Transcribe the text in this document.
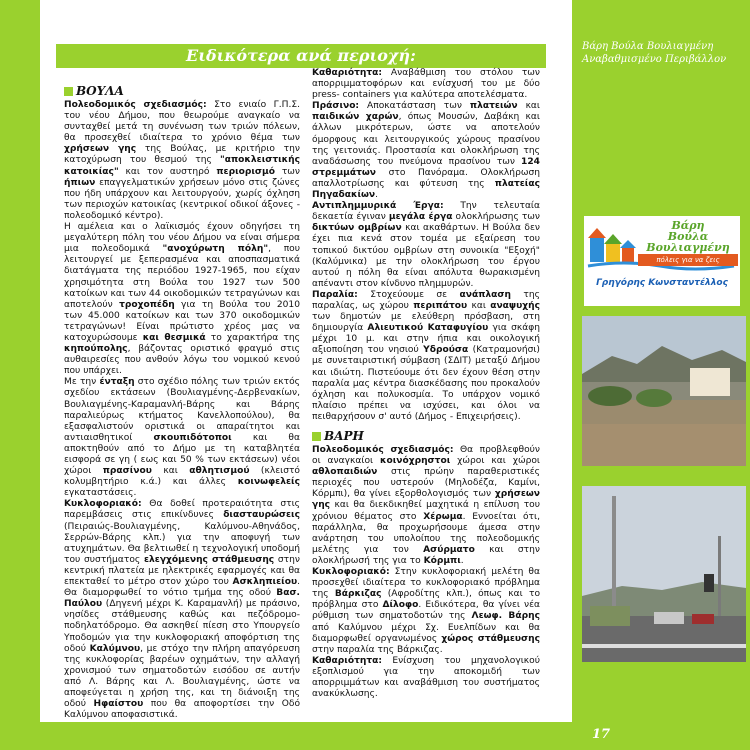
Ειδικότερα ανά περιοχή:	Βάρη Βούλα Βουλιαγμένη
Αναβαθμισμένο Περιβάλλον
ΒΟΥΛΑ

Πολεοδομικός σχεδιασμός: Στο ενιαίο Γ.Π.Σ. του νέου Δήμου, που θεωρούμε αναγκαίο να συνταχθεί μετά τη συνένωση των τριών πόλεων, θα προσεχθεί ιδιαίτερα το χρόνιο θέμα των χρήσεων γης της Βούλας, με κριτήριο την κατοχύρωση του θεσμού της "αποκλειστικής κατοικίας" και τον αυστηρό περιορισμό των ήπιων επαγγελματικών χρήσεων μόνο στις ζώνες που ήδη υπάρχουν και λειτουργούν, χωρίς όχληση των περιοχών κατοικίας (κεντρικοί οδικοί άξονες - πολεοδομικό κέντρο).

Η αμέλεια και ο λαϊκισμός έχουν οδηγήσει τη μεγαλύτερη πόλη του νέου Δήμου να είναι σήμερα μια πολεοδομικά "ανοχύρωτη πόλη", που λειτουργεί με ξεπερασμένα και αποσπασματικά διατάγματα της περιόδου 1927-1965, που είχαν χρησιμότητα στη Βούλα του 1927 των 500 κατοίκων και των 44 οικοδομικών τετραγώνων και αποτελούν τροχοπέδη για τη Βούλα του 2010 των 45.000 κατοίκων και των 370 οικοδομικών τετραγώνων! Είναι πρώτιστο χρέος μας να κατοχυρώσουμε και θεσμικά το χαρακτήρα της κηπούπολης, βάζοντας οριστικό φραγμό στις αυθαιρεσίες που ανθούν λόγω του νομικού κενού που υπάρχει.

Με την ένταξη στο σχέδιο πόλης των τριών εκτός σχεδίου εκτάσεων (Βουλιαγμένης-Δερβενακίων, Βουλιαγμένης-Καραμανλή-Βάρης και Βάρης παραλιεύρως κτήματος Κανελλοπούλου), θα εξασφαλιστούν οριστικά οι απαραίτητοι και αντιαισθητικοί σκουπιδότοποι και θα αποκτηθούν από το Δήμο με τη καταβλητέα εισφορά σε γη ( εως και 50 % των εκτάσεων) νέοι χώροι πρασίνου και αθλητισμού (κλειστό κολυμβητήριο κ.ά.) και άλλες κοινωφελείς εγκαταστάσεις.

Κυκλοφοριακό: Θα δοθεί προτεραιότητα στις παρεμβάσεις στις επικίνδυνες διασταυρώσεις (Πειραιώς-Βουλιαγμένης, Καλύμνου-Αθηνάδος, Σερρών-Βάρης κλπ.) για την αποφυγή των ατυχημάτων. Θα βελτιωθεί η τεχνολογική υποδομή του συστήματος ελεγχόμενης στάθμευσης στην κεντρική πλατεία με ηλεκτρικές εφαρμογές και θα επεκταθεί το μέτρο στον χώρο του Ασκληπιείου. Θα διαμορφωθεί το νότιο τμήμα της οδού Βασ. Παύλου (Δηγενή μέχρι Κ. Καραμανλή) με πράσινο, νησίδες στάθμευσης καθώς και πεζόδρομο-ποδηλατόδρομο. Θα ασκηθεί πίεση στο Υπουργείο Υποδομών για την κυκλοφοριακή αποφόρτιση της οδού Καλύμνου, με στόχο την πλήρη απαγόρευση της κυκλοφορίας βαρέων οχημάτων, την αλλαγή χρονισμού των σηματοδοτών εισόδου σε αυτήν από Λ. Βάρης και Λ. Βουλιαγμένης, ώστε να αποφεύγεται η χρήση της, και τη διάνοιξη της οδού Ηφαίστου που θα αποφορτίσει την Οδό Καλύμνου αποφασιστικά.

Καθαριότητα: Αναβάθμιση του στόλου των απορριμματοφόρων και ενίσχυσή του με δύο press- containers για καλύτερα αποτελέσματα.

Πράσινο: Αποκατάσταση των πλατειών και παιδικών χαρών, όπως Μουσών, Δαβάκη και άλλων μικρότερων, ώστε να αποτελούν όμορφους και λειτουργικούς χώρους πρασίνου της γειτονιάς. Προστασία και ολοκλήρωση της αναδάσωσης του πνεύμονα πρασίνου των 124 στρεμμάτων στο Πανόραμα. Ολοκλήρωση απαλλοτρίωσης και φύτευση της πλατείας Πηγαδακίων.

Αντιπλημμυρικά Έργα: Την τελευταία δεκαετία έγιναν μεγάλα έργα ολοκλήρωσης των δικτύων ομβρίων και ακαθάρτων. Η Βούλα δεν έχει πια κενά στον τομέα με εξαίρεση του τοπικού δικτύου ομβρίων στη συνοικία "Εξοχή" (Καλύμνικα) με την ολοκλήρωση του έργου αυτού η πόλη θα είναι απόλυτα θωρακισμένη απέναντι στον κίνδυνο πλημμυρών.

Παραλία: Στοχεύουμε σε ανάπλαση της παραλίας, ως χώρου περιπάτου και αναψυχής των δημοτών με ελεύθερη πρόσβαση, στη δημιουργία Αλιευτικού Καταφυγίου για σκάφη μέχρι 10 μ. και στην ήπια και οικολογική αξιοποίηση του νησιού Υδρούσα (Κατραμονήσι) με συνεταιριστική σύμβαση (ΣΔΙΤ) μεταξύ Δήμου και ιδιώτη. Πιστεύουμε ότι δεν έχουν θέση στην παραλία μας κέντρα διασκέδασης που προκαλούν όχληση και πολυκοσμία. Το υπάρχον νομικό πλαίσιο πρέπει να ισχύσει, και όλοι να πειθαρχήσουν σ' αυτό (Δήμος - Επιχειρήσεις).

ΒΑΡΗ

Πολεοδομικός σχεδιασμός: Θα προβλεφθούν οι αναγκαίοι κοινόχρηστοι χώροι και χώροι αθλοπαιδιών στις πρώην παραθεριστικές περιοχές που υστερούν (Μηλοδέζα, Καμίνι, Κόρμπι), θα γίνει εξορθολογισμός των χρήσεων γης και θα διεκδικηθεί μαχητικά η επίλυση του χρόνιου θέματος στο Χέρωμα. Εννοείται ότι, παράλληλα, θα προχωρήσουμε άμεσα στην ανάρτηση του υπολοίπου της πολεοδομικής μελέτης για τον Ασύρματο και στην ολοκλήρωσή της για το Κόρμπι.

Κυκλοφοριακό: Στην κυκλοφοριακή μελέτη θα προσεχθεί ιδιαίτερα το κυκλοφοριακό πρόβλημα της Βάρκιζας (Αφροδίτης κλπ.), όπως και το πρόβλημα στο Δίλοφο. Ειδικότερα, θα γίνει νέα ρύθμιση των σηματοδοτών της Λεωφ. Βάρης από Καλύμνου μέχρι Σχ. Ευελπίδων και θα διαμορφωθεί οργανωμένος χώρος στάθμευσης στην παραλία της Βάρκιζας.

Καθαριότητα: Ενίσχυση του μηχανολογικού εξοπλισμού για την αποκομιδή των απορριμμάτων και αναβάθμιση του συστήματος ανακύκλωσης.

Βάρη
Βούλα
Βουλιαγμένη
πόλεις για να ζεις
Γρηγόρης Κωνσταντέλλος
17
